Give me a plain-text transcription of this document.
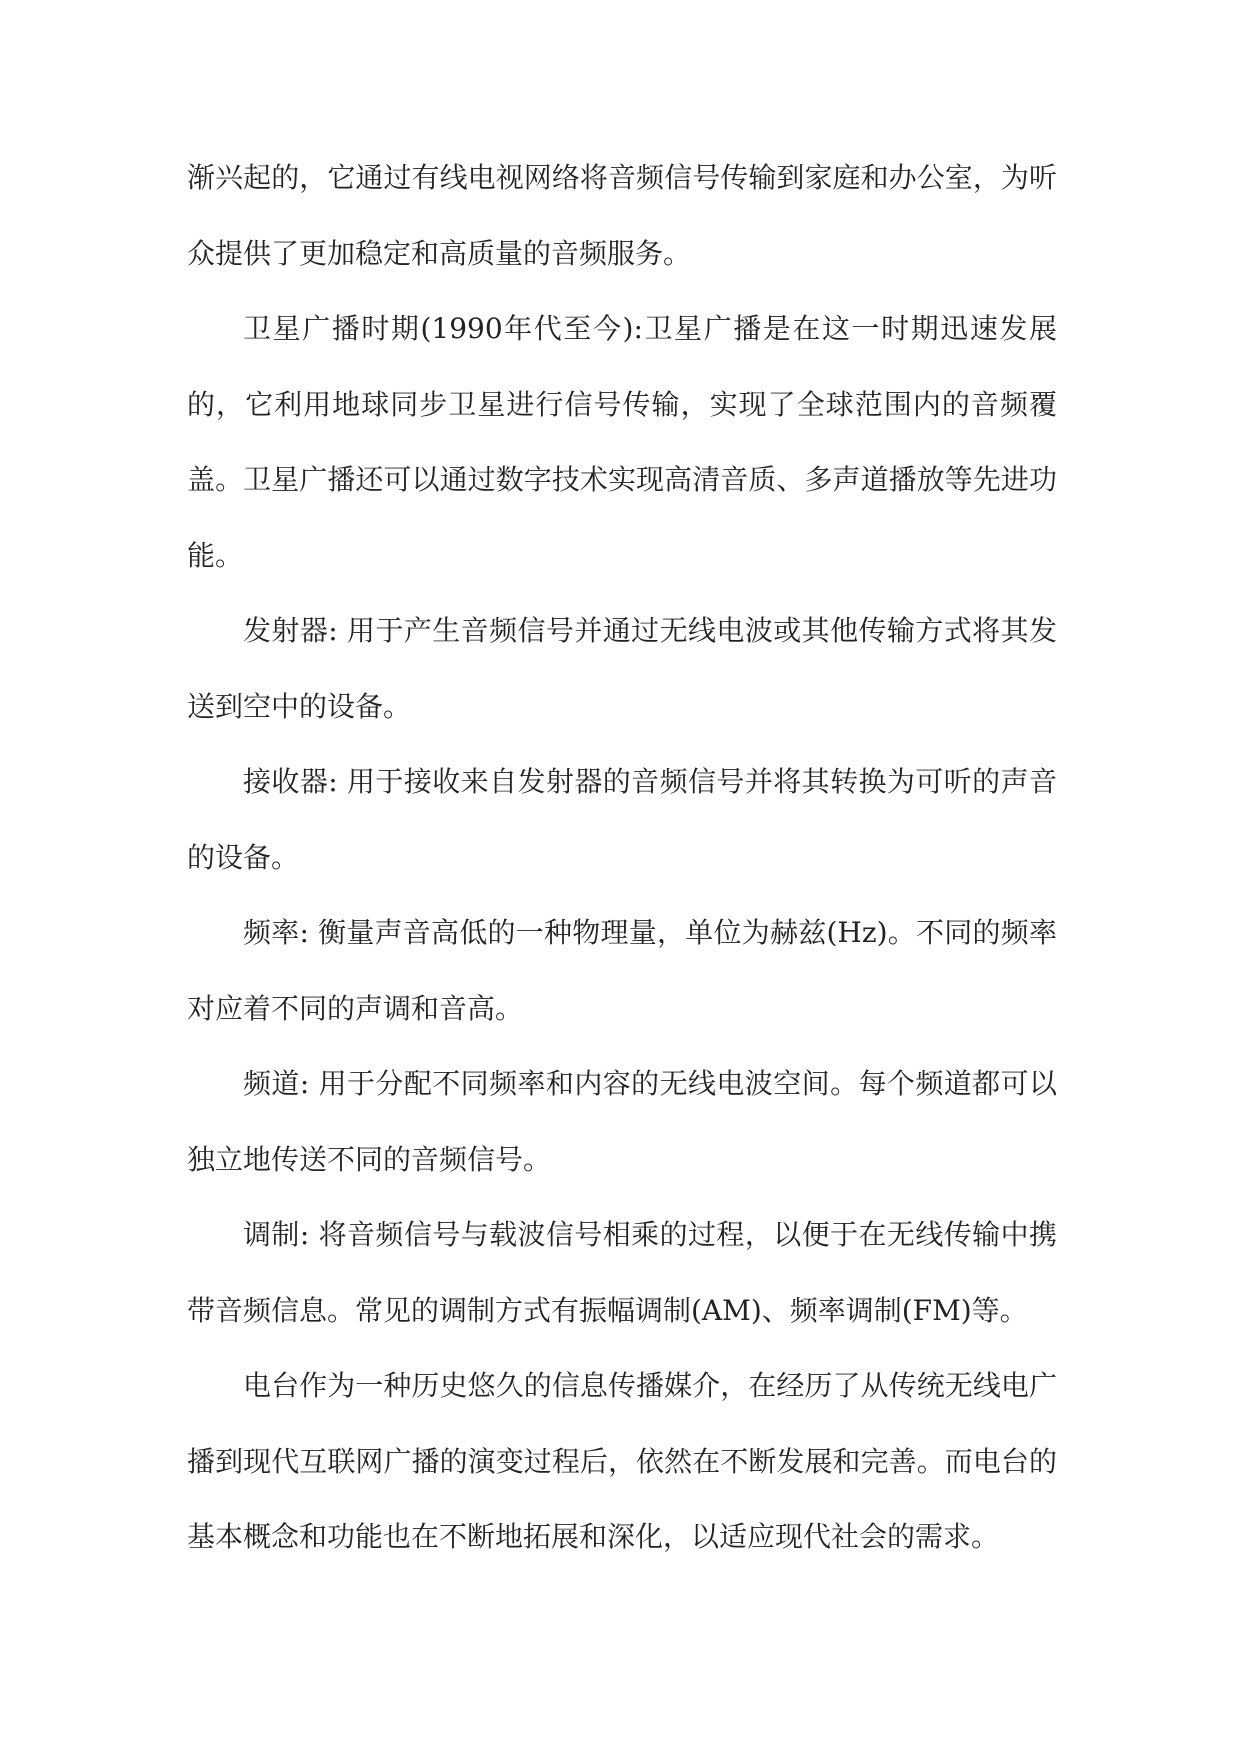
渐兴起的，它通过有线电视网络将音频信号传输到家庭和办公室，为听众提供了更加稳定和高质量的音频服务。

卫星广播时期(1990年代至今):卫星广播是在这一时期迅速发展的，它利用地球同步卫星进行信号传输，实现了全球范围内的音频覆盖。卫星广播还可以通过数字技术实现高清音质、多声道播放等先进功能。

发射器: 用于产生音频信号并通过无线电波或其他传输方式将其发送到空中的设备。

接收器: 用于接收来自发射器的音频信号并将其转换为可听的声音的设备。

频率: 衡量声音高低的一种物理量，单位为赫兹(Hz)。不同的频率对应着不同的声调和音高。

频道: 用于分配不同频率和内容的无线电波空间。每个频道都可以独立地传送不同的音频信号。

调制: 将音频信号与载波信号相乘的过程，以便于在无线传输中携带音频信息。常见的调制方式有振幅调制(AM)、频率调制(FM)等。

电台作为一种历史悠久的信息传播媒介，在经历了从传统无线电广播到现代互联网广播的演变过程后，依然在不断发展和完善。而电台的基本概念和功能也在不断地拓展和深化，以适应现代社会的需求。
